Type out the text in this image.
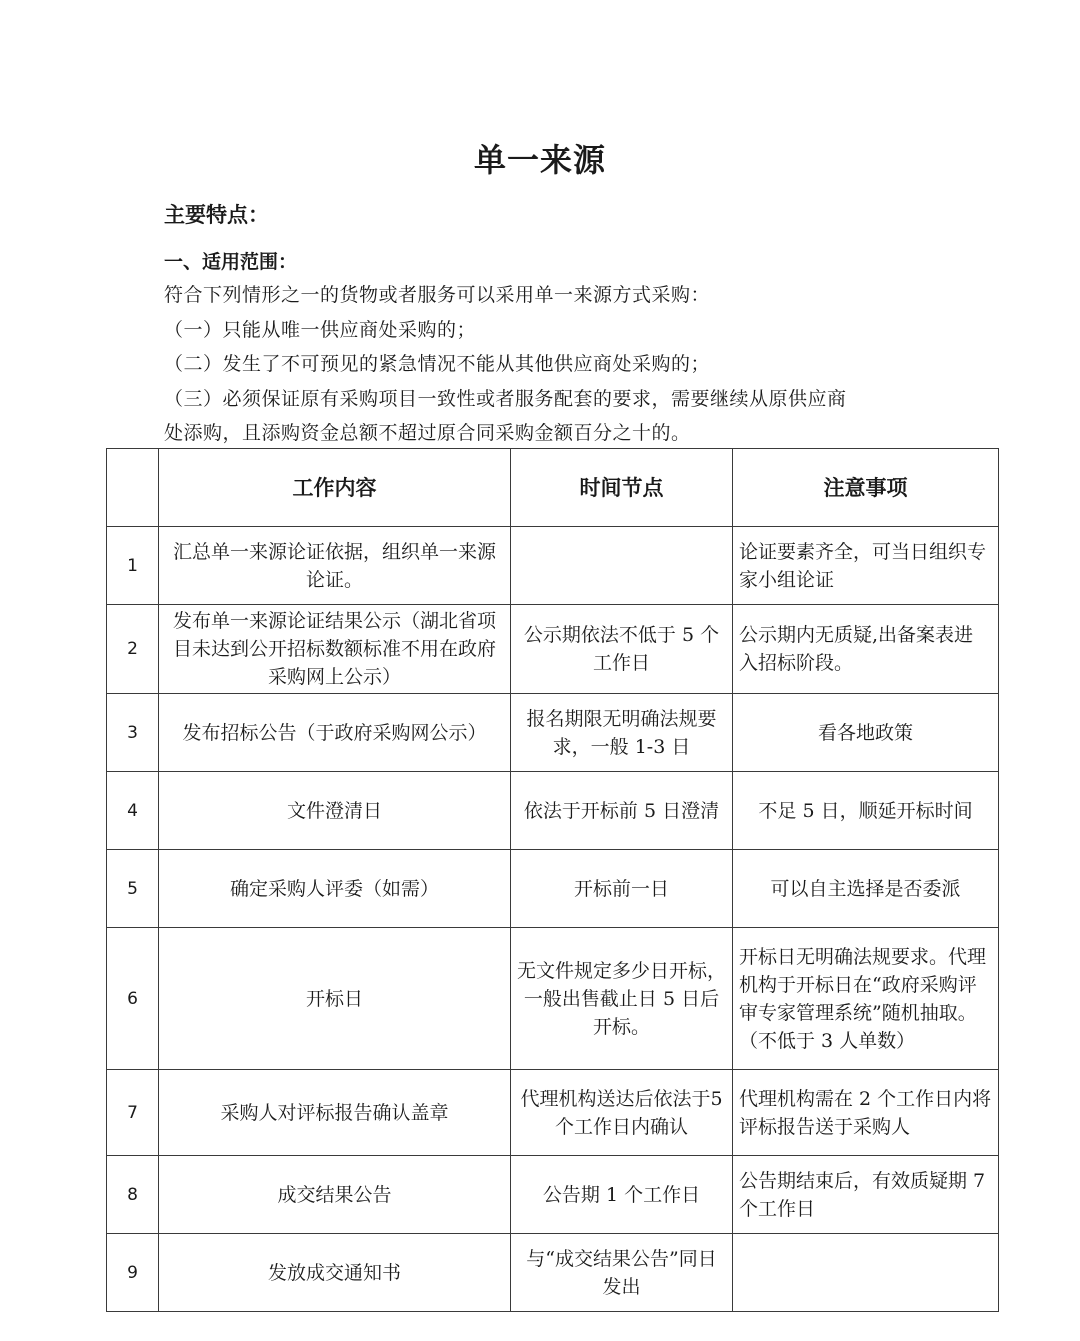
单一来源
主要特点：
一、适用范围：
符合下列情形之一的货物或者服务可以采用单一来源方式采购：
（一）只能从唯一供应商处采购的；
（二）发生了不可预见的紧急情况不能从其他供应商处采购的；
（三）必须保证原有采购项目一致性或者服务配套的要求，需要继续从原供应商
处添购，且添购资金总额不超过原合同采购金额百分之十的。
	工作内容	时间节点	注意事项
1	汇总单一来源论证依据，组织单一来源论证。		论证要素齐全，可当日组织专家小组论证
2	发布单一来源论证结果公示（湖北省项目未达到公开招标数额标准不用在政府采购网上公示）	公示期依法不低于 5 个工作日	公示期内无质疑,出备案表进入招标阶段。
3	发布招标公告（于政府采购网公示）	报名期限无明确法规要求，一般 1-3 日	看各地政策
4	文件澄清日	依法于开标前 5 日澄清	不足 5 日，顺延开标时间
5	确定采购人评委（如需）	开标前一日	可以自主选择是否委派
6	开标日	无文件规定多少日开标，一般出售截止日 5 日后开标。	开标日无明确法规要求。代理机构于开标日在“政府采购评审专家管理系统”随机抽取。（不低于 3 人单数）
7	采购人对评标报告确认盖章	代理机构送达后依法于5 个工作日内确认	代理机构需在 2 个工作日内将评标报告送于采购人
8	成交结果公告	公告期 1 个工作日	公告期结束后，有效质疑期 7 个工作日
9	发放成交通知书	与“成交结果公告”同日发出	
